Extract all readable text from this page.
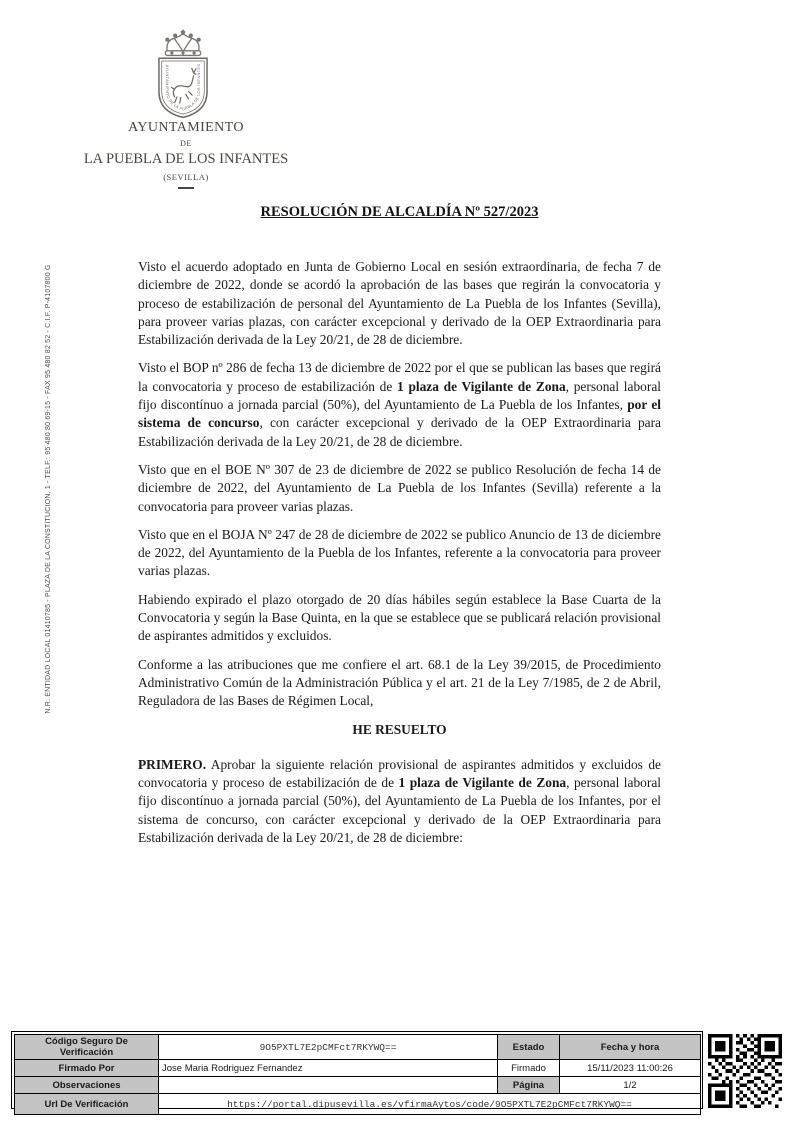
AYUNTAMIENTO DE LA PUEBLA DE LOS INFANTES
AYUNTAMIENTO
DE
LA PUEBLA DE LOS INFANTES
(SEVILLA)
N.R. ENTIDAD LOCAL 01410785 - PLAZA DE LA CONSTITUCION, 1 - TELF.: 95 480 80 69-15 - FAX 95 480 82 52 - C.I.F. P-4107800 G
RESOLUCIÓN DE ALCALDÍA Nº 527/2023

Visto el acuerdo adoptado en Junta de Gobierno Local en sesión extraordinaria, de fecha 7 de diciembre de 2022, donde se acordó la aprobación de las bases que regirán la convocatoria y proceso de estabilización de personal del Ayuntamiento de La Puebla de los Infantes (Sevilla), para proveer varias plazas, con carácter excepcional y derivado de la OEP Extraordinaria para Estabilización derivada de la Ley 20/21, de 28 de diciembre.

Visto el BOP nº 286 de fecha 13 de diciembre de 2022 por el que se publican las bases que regirá la convocatoria y proceso de estabilización de 1 plaza de Vigilante de Zona, personal laboral fijo discontínuo a jornada parcial (50%), del Ayuntamiento de La Puebla de los Infantes, por el sistema de concurso, con carácter excepcional y derivado de la OEP Extraordinaria para Estabilización derivada de la Ley 20/21, de 28 de diciembre.

Visto que en el BOE Nº 307 de 23 de diciembre de 2022 se publico Resolución de fecha 14 de diciembre de 2022, del Ayuntamiento de La Puebla de los Infantes (Sevilla) referente a la convocatoria para proveer varias plazas.

Visto que en el BOJA Nº 247 de 28 de diciembre de 2022 se publico Anuncio de 13 de diciembre de 2022, del Ayuntamiento de la Puebla de los Infantes, referente a la convocatoria para proveer varias plazas.

Habiendo expirado el plazo otorgado de 20 días hábiles según establece la Base Cuarta de la Convocatoria y según la Base Quinta, en la que se establece que se publicará relación provisional de aspirantes admitidos y excluidos.

Conforme a las atribuciones que me confiere el art. 68.1 de la Ley 39/2015, de Procedimiento Administrativo Común de la Administración Pública y el art. 21 de la Ley 7/1985, de 2 de Abril, Reguladora de las Bases de Régimen Local,

HE RESUELTO

PRIMERO. Aprobar la siguiente relación provisional de aspirantes admitidos y excluidos de convocatoria y proceso de estabilización de de 1 plaza de Vigilante de Zona, personal laboral fijo discontínuo a jornada parcial (50%), del Ayuntamiento de La Puebla de los Infantes, por el sistema de concurso, con carácter excepcional y derivado de la OEP Extraordinaria para Estabilización derivada de la Ley 20/21, de 28 de diciembre:

Código Seguro De Verificación	9O5PXTL7E2pCMFct7RKYWQ==	Estado	Fecha y hora
Firmado Por	Jose Maria Rodriguez Fernandez	Firmado	15/11/2023 11:00:26
Observaciones		Página	1/2
Url De Verificación	https://portal.dipusevilla.es/vfirmaAytos/code/9O5PXTL7E2pCMFct7RKYWQ==		
